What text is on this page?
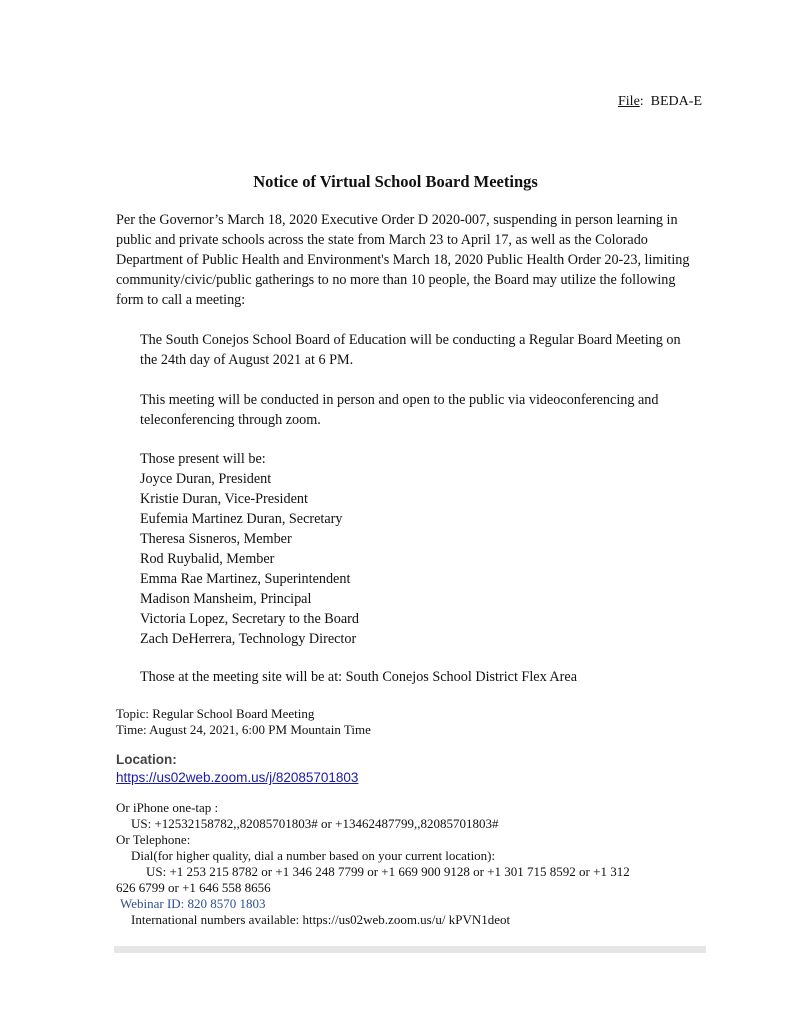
File:  BEDA-E
Notice of Virtual School Board Meetings
Per the Governor’s March 18, 2020 Executive Order D 2020-007, suspending in person learning in public and private schools across the state from March 23 to April 17, as well as the Colorado Department of Public Health and Environment's March 18, 2020 Public Health Order 20-23, limiting community/civic/public gatherings to no more than 10 people, the Board may utilize the following form to call a meeting:
The South Conejos School Board of Education will be conducting a Regular Board Meeting on the 24th day of August 2021 at 6 PM.
This meeting will be conducted in person and open to the public via videoconferencing and teleconferencing through zoom.
Those present will be:
Joyce Duran, President
Kristie Duran, Vice-President
Eufemia Martinez Duran, Secretary
Theresa Sisneros, Member
Rod Ruybalid, Member
Emma Rae Martinez, Superintendent
Madison Mansheim, Principal
Victoria Lopez, Secretary to the Board
Zach DeHerrera, Technology Director
Those at the meeting site will be at: South Conejos School District Flex Area
Topic: Regular School Board Meeting
Time: August 24, 2021, 6:00 PM Mountain Time
Location:
https://us02web.zoom.us/j/82085701803
Or iPhone one-tap :
US: +12532158782,,82085701803# or +13462487799,,82085701803#
Or Telephone:
Dial(for higher quality, dial a number based on your current location):
US: +1 253 215 8782 or +1 346 248 7799 or +1 669 900 9128 or +1 301 715 8592 or +1 312
626 6799 or +1 646 558 8656
Webinar ID: 820 8570 1803
International numbers available: https://us02web.zoom.us/u/ kPVN1deot
